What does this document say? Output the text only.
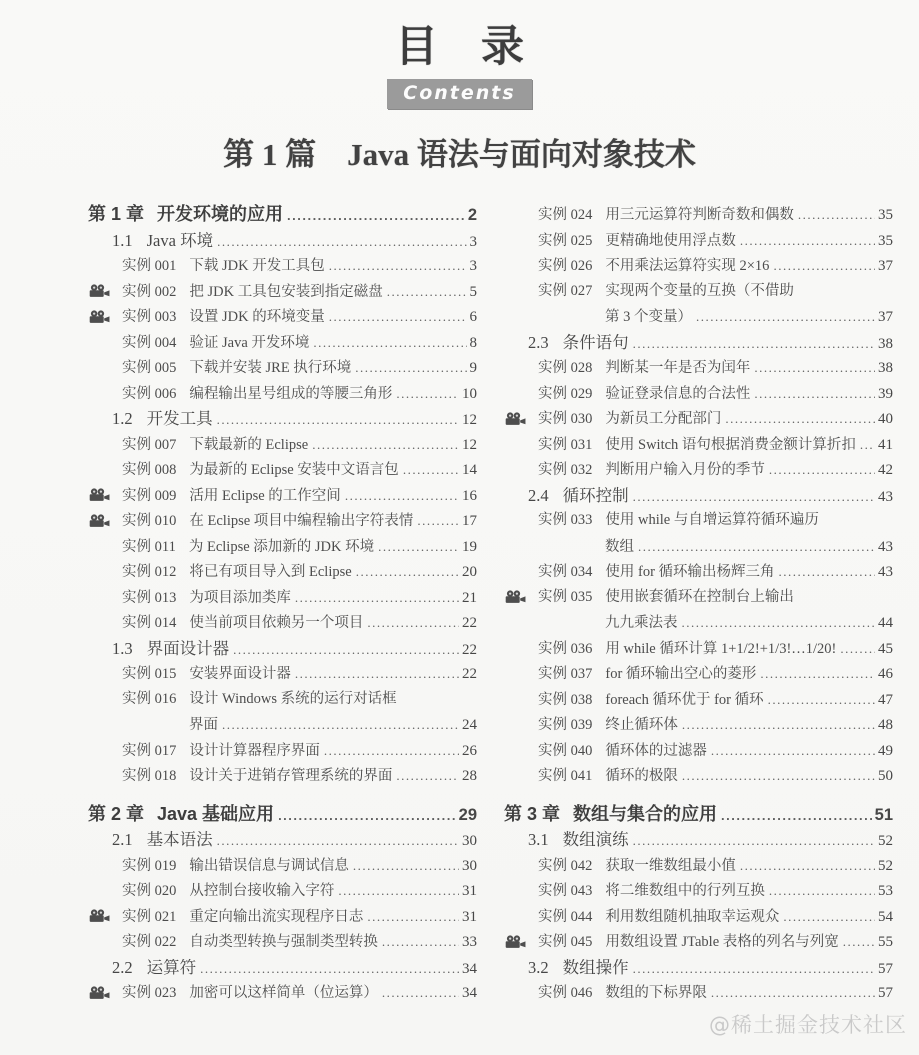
目　录
Contents
第 1 篇　Java 语法与面向对象技术
第 1 章 开发环境的应用 .....	2
1.1 Java 环境 .....	3
实例 001 下载 JDK 开发工具包 .....	3
实例 002 把 JDK 工具包安装到指定磁盘 .....	5
实例 003 设置 JDK 的环境变量 .....	6
实例 004 验证 Java 开发环境 .....	8
实例 005 下载并安装 JRE 执行环境 .....	9
实例 006 编程输出星号组成的等腰三角形 .....	10
1.2 开发工具 .....	12
实例 007 下载最新的 Eclipse .....	12
实例 008 为最新的 Eclipse 安装中文语言包 .....	14
实例 009 活用 Eclipse 的工作空间 .....	16
实例 010 在 Eclipse 项目中编程输出字符表情 .....	17
实例 011 为 Eclipse 添加新的 JDK 环境 .....	19
实例 012 将已有项目导入到 Eclipse .....	20
实例 013 为项目添加类库 .....	21
实例 014 使当前项目依赖另一个项目 .....	22
1.3 界面设计器 .....	22
实例 015 安装界面设计器 .....	22
实例 016 设计 Windows 系统的运行对话框
界面 .....	24
实例 017 设计计算器程序界面 .....	26
实例 018 设计关于进销存管理系统的界面 .....	28
第 2 章 Java 基础应用 .....	29
2.1 基本语法 .....	30
实例 019 输出错误信息与调试信息 .....	30
实例 020 从控制台接收输入字符 .....	31
实例 021 重定向输出流实现程序日志 .....	31
实例 022 自动类型转换与强制类型转换 .....	33
2.2 运算符 .....	34
实例 023 加密可以这样简单（位运算） .....	34
实例 024 用三元运算符判断奇数和偶数 .....	35
实例 025 更精确地使用浮点数 .....	35
实例 026 不用乘法运算符实现 2×16 .....	37
实例 027 实现两个变量的互换（不借助
第 3 个变量） .....	37
2.3 条件语句 .....	38
实例 028 判断某一年是否为闰年 .....	38
实例 029 验证登录信息的合法性 .....	39
实例 030 为新员工分配部门 .....	40
实例 031 使用 Switch 语句根据消费金额计算折扣 ..... 41
实例 032 判断用户输入月份的季节 .....	42
2.4 循环控制 .....	43
实例 033 使用 while 与自增运算符循环遍历
数组 .....	43
实例 034 使用 for 循环输出杨辉三角 .....	43
实例 035 使用嵌套循环在控制台上输出
九九乘法表 .....	44
实例 036 用 while 循环计算 1+1/2!+1/3!…1/20! .....	45
实例 037 for 循环输出空心的菱形 .....	46
实例 038 foreach 循环优于 for 循环 .....	47
实例 039 终止循环体 .....	48
实例 040 循环体的过滤器 .....	49
实例 041 循环的极限 .....	50
第 3 章 数组与集合的应用 .....	51
3.1 数组演练 .....	52
实例 042 获取一维数组最小值 .....	52
实例 043 将二维数组中的行列互换 .....	53
实例 044 利用数组随机抽取幸运观众 .....	54
实例 045 用数组设置 JTable 表格的列名与列宽 .....	55
3.2 数组操作 .....	57
实例 046 数组的下标界限 .....	57
@稀土掘金技术社区
